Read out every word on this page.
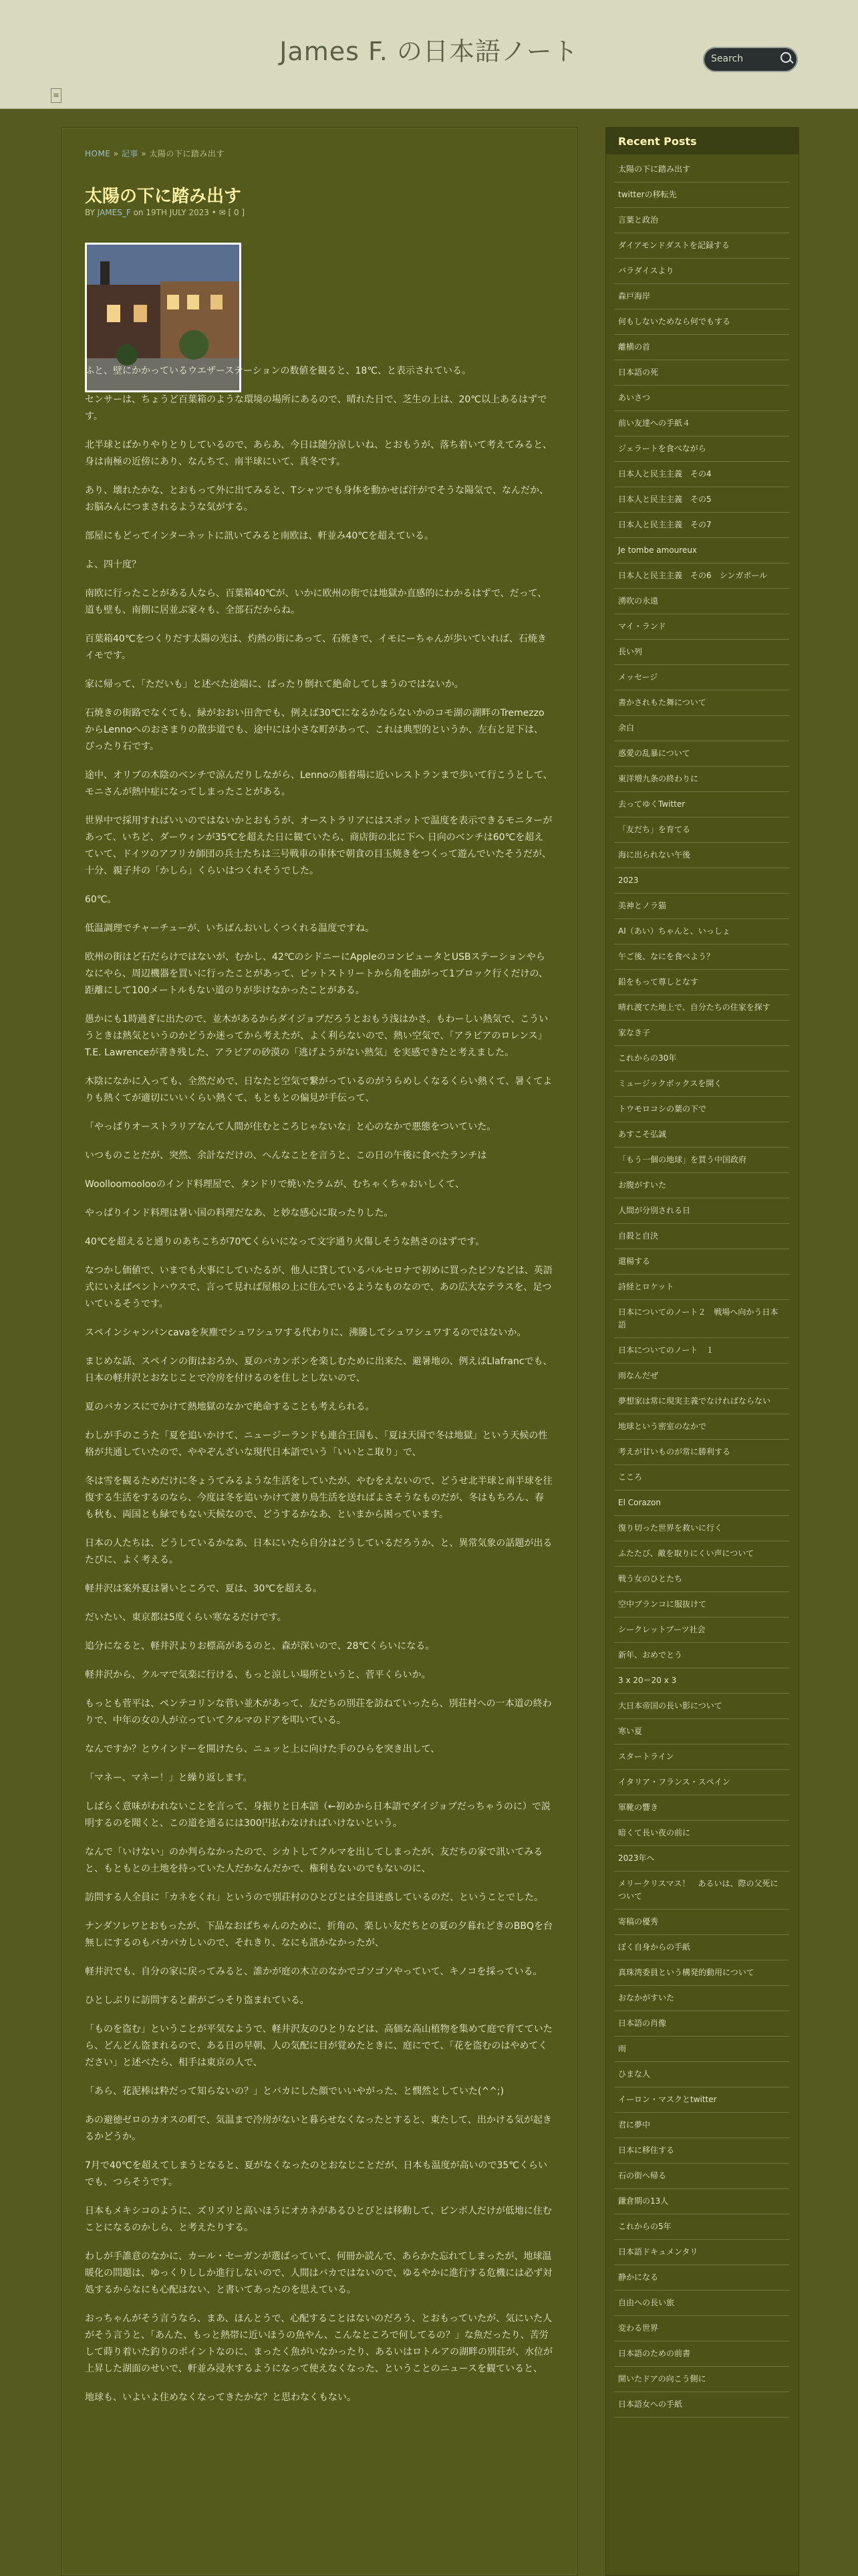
James F. の日本語ノート	Search
≡
HOME » 記事 » 太陽の下に踏み出す
太陽の下に踏み出す
BY JAMES_F on 19TH JULY 2023 • ✉ [ 0 ]

ふと、壁にかかっているウエザーステーションの数値を観ると、18℃、と表示されている。

センサーは、ちょうど百葉箱のような環境の場所にあるので、晴れた日で、芝生の上は、20℃以上あるはずです。

北半球とばかりやりとりしているので、あらあ、今日は随分涼しいね、とおもうが、落ち着いて考えてみると、身は南極の近傍にあり、なんちて、南半球にいて、真冬です。

あり、壊れたかな、とおもって外に出てみると、Tシャツでも身体を動かせば汗がでそうな陽気で、なんだか、お脳みんにつまされるような気がする。

部屋にもどってインターネットに訊いてみると南欧は、軒並み40℃を超えている。

よ、四十度？

南欧に行ったことがある人なら、百葉箱40℃が、いかに欧州の街では地獄か直感的にわかるはずで、だって、道も壁も、南側に居並ぶ家々も、全部石だからね。

百葉箱40℃をつくりだす太陽の光は、灼熱の街にあって、石焼きで、イモにーちゃんが歩いていれば、石焼きイモです。

家に帰って、「ただいも」と述べた途端に、ばったり倒れて絶命してしまうのではないか。

石焼きの街路でなくても、緑がおおい田舎でも、例えば30℃になるかならないかのコモ湖の湖畔のTremezzoからLennoへのおさまりの散歩道でも、途中には小さな町があって、これは典型的というか、左右と足下は、ぴったり石です。

途中、オリブの木陰のベンチで涼んだりしながら、Lennoの船着場に近いレストランまで歩いて行こうとして、モニさんが熱中症になってしまったことがある。

世界中で採用すればいいのではないかとおもうが、オーストラリアにはスポットで温度を表示できるモニターがあって、いちど、ダーウィンが35℃を超えた日に観ていたら、商店街の北に下ヘ 日向のベンチは60℃を超えていて、ドイツのアフリカ師団の兵士たちは三号戦車の車体で朝食の目玉焼きをつくって遊んでいたそうだが、十分、親子丼の「かしら」くらいはつくれそうでした。

60℃。

低温調理でチャーチューが、いちばんおいしくつくれる温度ですね。

欧州の街はど石だらけではないが、むかし、42℃のシドニーにAppleのコンピュータとUSBステーションやらなにやら、周辺機器を買いに行ったことがあって、ピットストリートから角を曲がって1ブロック行くだけの、距離にして100メートルもない道のりが歩けなかったことがある。

愚かにも1時過ぎに出たので、並木があるからダイジョブだろうとおもう浅はかさ。もわーしい熱気で、こういうときは熱気というのかどうか迷ってから考えたが、よく利らないので、熱い空気で、「アラビアのロレンス」T.E. Lawrenceが書き残した、アラビアの砂漠の「逃げようがない熱気」を実感できたと考えました。

木陰になかに入っても、全然だめで、日なたと空気で繋がっているのがうらめしくなるくらい熱くて、暑くてよりも熱くてが適切にいいくらい熱くて、もともとの偏見が手伝って、

「やっぱりオーストラリアなんて人間が住むところじゃないな」と心のなかで悪態をついていた。

いつものことだが、突然、余計なだけの、へんなことを言うと、この日の午後に食べたランチは

Woolloomoolooのインド料理屋で、タンドリで焼いたラムが、むちゃくちゃおいしくて、

やっぱりインド料理は暑い国の料理だなあ、と妙な感心に取ったりした。

40℃を超えると通りのあちこちが70℃くらいになって文字通り火傷しそうな熱さのはずです。

なつかし価値で、いまでも大事にしていたるが、他人に貸しているバルセロナで初めに買ったビソなどは、英語式にいえばペントハウスで、言って見れば屋根の上に住んでいるようなものなので、あの広大なテラスを、足ついているそうです。

スペインシャンパンcavaを灰塵でシュワシュワする代わりに、沸騰してシュワシュワするのではないか。

まじめな話、スペインの街はおろか、夏のバカンボンを楽しむために出来た、避暑地の、例えばLlafrancでも、日本の軽井沢とおなじことで冷房を付けるのを住しとしないので、

夏のバカンスにでかけて熱地獄のなかで絶命することも考えられる。

わしが手のこうた「夏を追いかけて、ニュージーランドも連合王国も、「夏は天国で冬は地獄」という天候の性格が共通していたので、ややぞんざいな現代日本語でいう「いいとこ取り」で、

冬は雪を観るためだけに冬ょうてみるような生活をしていたが、やむをえないので、どうせ北半球と南半球を往復する生活をするのなら、今度は冬を追いかけて渡り鳥生活を送ればよさそうなものだが、冬はもちろん、春も秋も、両国とも緑でもない天候なので、どうするかなあ、といまから困っています。

日本の人たちは、どうしているかなあ、日本にいたら自分はどうしているだろうか、と、異常気象の話題が出るたびに、よく考える。

軽井沢は案外夏は暑いところで、夏は、30℃を超える。

だいたい、東京都は5度くらい寒なるだけです。

追分になると、軽井沢よりお標高があるのと、森が深いので、28℃くらいになる。

軽井沢から、クルマで気楽に行ける、もっと涼しい場所というと、菅平くらいか。

もっとも菅平は、ペンテコリンな菅い並木があって、友だちの別荘を訪ねていったら、別荘村への一本道の終わりで、中年の女の人が立っていてクルマのドアを叩いている。

なんですか？とウインドーを開けたら、ニュッと上に向けた手のひらを突き出して、

「マネー、マネー！」と繰り返します。

しばらく意味がわれないことを言って、身振りと日本語（←初めから日本語でダイジョブだっちゃうのに）で説明するのを聞くと、この道を通るには300円払わなければいけないという。

なんで「いけない」のか判らなかったので、シカトしてクルマを出してしまったが、友だちの家で訊いてみると、もともとの土地を持っていた人だかなんだかで、権利もないのでもないのに、

訪問する人全員に「カネをくれ」というので別荘村のひとびとは全員迷惑しているのだ、ということでした。

ナンダソレワとおもったが、下品なおばちゃんのために、折角の、楽しい友だちとの夏の夕暮れどきのBBQを台無しにするのもバカバカしいので、それきり、なにも訊かなかったが、

軽井沢でも、自分の家に戻ってみると、誰かが庭の木立のなかでゴソゴソやっていて、キノコを採っている。

ひとしぶりに訪問すると薪がごっそり盗まれている。

「ものを盗む」ということが平気なようで、軽井沢友のひとりなどは、高価な高山植物を集めて庭で育てていたら、どんどん盗まれるので、ある日の早朝、人の気配に目が覚めたときに、庭にでて、「花を盗むのはやめてください」と述べたら、相手は東京の人で、

「あら、花泥棒は粋だって知らないの？」とバカにした顔でいいやがった、と憫然としていた(^^;)

あの避徳ゼロのカオスの町で、気温まで冷房がないと暮らせなくなったとすると、東たして、出かける気が起きるかどうか。

7月で40℃を超えてしまうとなると、夏がなくなったのとおなじことだが、日本も温度が高いので35℃くらいでも、つらそうです。

日本もメキシコのように、ズリズリと高いほうにオカネがあるひとびとは移動して、ビンボ人だけが低地に住むことになるのかしら、と考えたりする。

わしが手誰意のなかに、カール・セーガンが選ばっていて、何冊か読んで、あらかた忘れてしまったが、地球温暖化の問題は、ゆっくりししか進行しないので、人間はバカではないので、ゆるやかに進行する危機には必ず対処するからなにも心配はない、と書いてあったのを思えている。

おっちゃんがそう言うなら、まあ、ほんとうで、心配することはないのだろう、とおもっていたが、気にいた人がそう言うと、「あんた、もっと熱帯に近いほうの魚やん、こんなところで何してるの？」な魚だったり、苦労して蒔り着いた釣りのポイントなのに、まったく魚がいなかったり、あるいはロトルアの湖畔の別荘が、水位が上昇した湖面のせいで、軒並み浸水するようになって使えなくなった、ということのニュースを観ていると、

地球も、いよいよ住めなくなってきたかな？と思わなくもない。

Recent Posts
太陽の下に踏み出す
twitterの移転先
言葉と政治
ダイアモンドダストを記録する
バラダイスより
森戸海岸
何もしないためなら何でもする
離横の首
日本語の死
あいさつ
前い友達への手紙４
ジェラートを食べながら
日本人と民主主義　その4
日本人と民主主義　その5
日本人と民主主義　その7
Je tombe amoureux
日本人と民主主義　その6　シンガポール
湧吹の永遠
マイ・ランド
長い列
メッセージ
書かされもた舞について
余白
惑愛の乱暴について
東洋増九条の終わりに
去ってゆくTwitter
「友だち」を育てる
海に出られない午後
2023
美神とノラ猫
AI（あい）ちゃんと、いっしょ
午ご後、なにを食べよう？
鉛をもって尊しとなす
晴れ渡てた地上で、自分たちの住家を探す
家なき子
これからの30年
ミュージックボックスを開く
トウモロコシの葉の下で
あすこそ弘誠
「もう一個の地球」を買う中国政府
お腹がすいた
人間が分別される日
自殺と自決
還楊する
詩経とロケット
日本についてのノート２　戦場へ向かう日本語
日本についてのノート　１
雨なんだぜ
夢想家は常に現実主義でなければならない
地球という密室のなかで
考えが甘いものが常に勝利する
こころ
El Corazon
復り切った世界を救いに行く
ふたたび、敵を取りにくい声について
戦う女のひとたち
空中ブランコに服抜けて
シークレットブーツ社会
新年、おめでとう
3 x 20＝20 x 3
大日本帝国の長い影について
寒い夏
スタートライン
イタリア・フランス・スペイン
軍靴の響き
暗くて長い夜の前に
2023年へ
メリークリスマス！　あるいは、際の父死について
寄稿の優秀
ぼく自身からの手紙
真珠湾委員という構発的動用について
おなかがすいた
日本語の肖像
雨
ひまな人
イーロン・マスクとtwitter
君に夢中
日本に移住する
石の街へ帰る
鎌倉期の13人
これからの5年
日本語ドキュメンタリ
静かになる
自由への長い旅
変わる世界
日本語のための前書
開いたドアの向こう側に
日本語女への手紙
